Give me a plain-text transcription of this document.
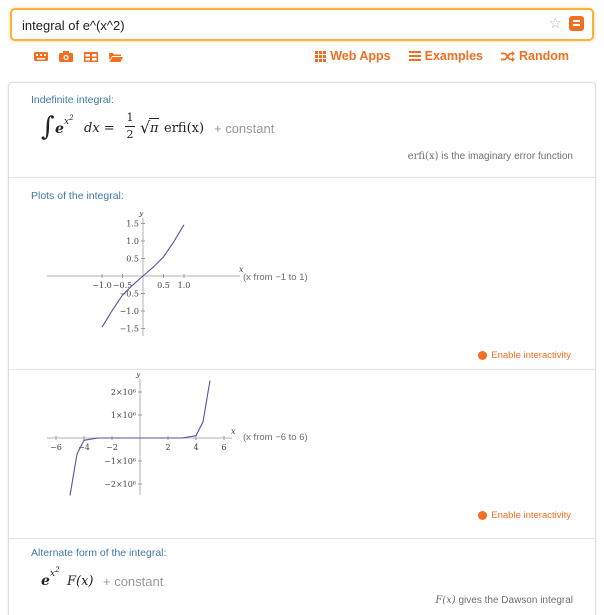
integral of e^(x^2)
☆
Web Apps	Examples	Random
Indefinite integral:
∫ e $x^2$
dx =
1
2 √ π erfi(x) + constant
erfi(x) is the imaginary error function
Plots of the integral:
x
y
−1.0 −0.5	0.5 1.0
1.5
1.0
0.5
−0.5
−1.0
−1.5
(x from −1 to 1)
Enable interactivity
x
y
−6 −4 −2	2	4	6
2×10⁶
1×10⁶
−1×10⁶
−2×10⁶
(x from −6 to 6)
Enable interactivity
Alternate form of the integral:
e $x^2$
F(x) + constant
F(x) gives the Dawson integral
